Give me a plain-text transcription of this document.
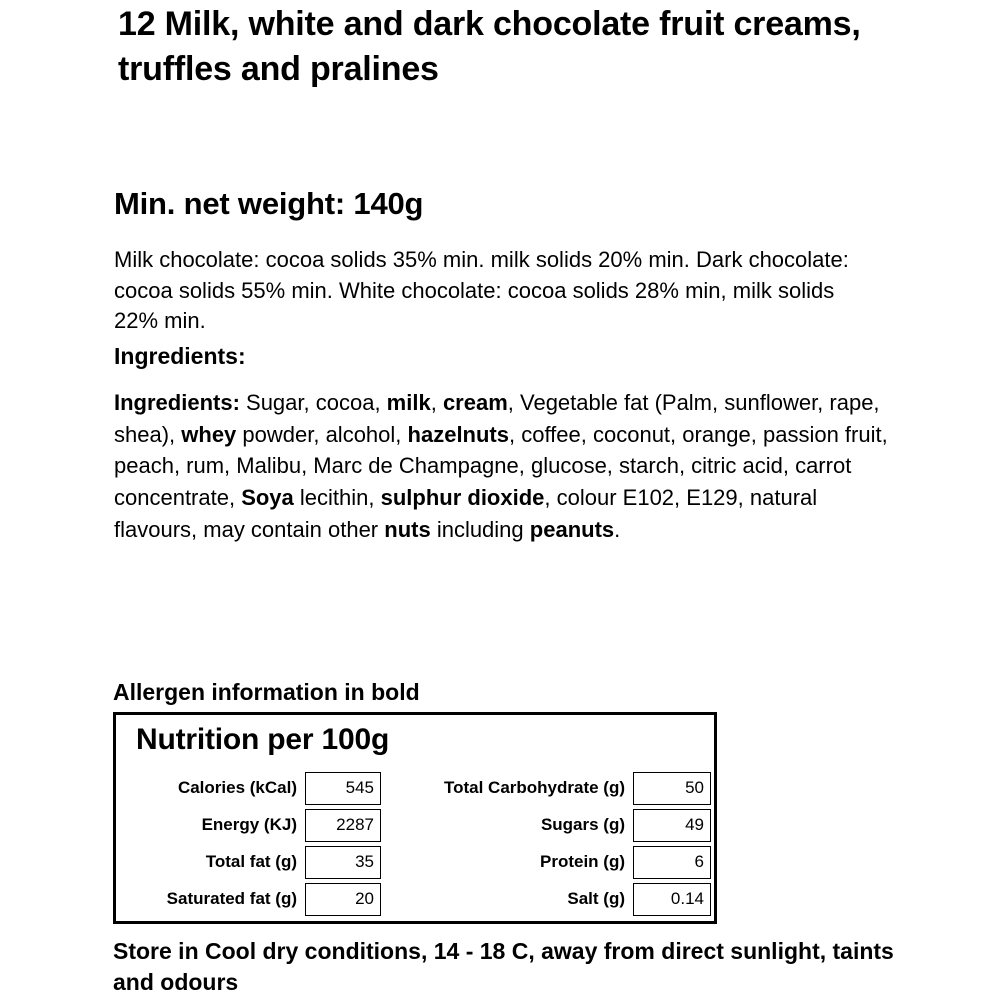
12 Milk, white and dark chocolate fruit creams, truffles and pralines
Min. net weight: 140g
Milk chocolate: cocoa solids 35% min. milk solids 20% min. Dark chocolate: cocoa solids 55% min. White chocolate: cocoa solids 28% min, milk solids 22% min.
Ingredients:
Ingredients: Sugar, cocoa, milk, cream, Vegetable fat (Palm, sunflower, rape, shea), whey powder, alcohol, hazelnuts, coffee, coconut, orange, passion fruit, peach, rum, Malibu, Marc de Champagne, glucose, starch, citric acid, carrot concentrate, Soya lecithin, sulphur dioxide, colour E102, E129, natural flavours, may contain other nuts including peanuts.
Allergen information in bold
Nutrition per 100g
Calories (kCal)	545
Energy (KJ)	2287
Total fat (g)	35
Saturated fat (g)	20
Total Carbohydrate (g)	50
Sugars (g)	49
Protein (g)	6
Salt (g)	0.14
Store in Cool dry conditions, 14 - 18 C, away from direct sunlight, taints and odours
